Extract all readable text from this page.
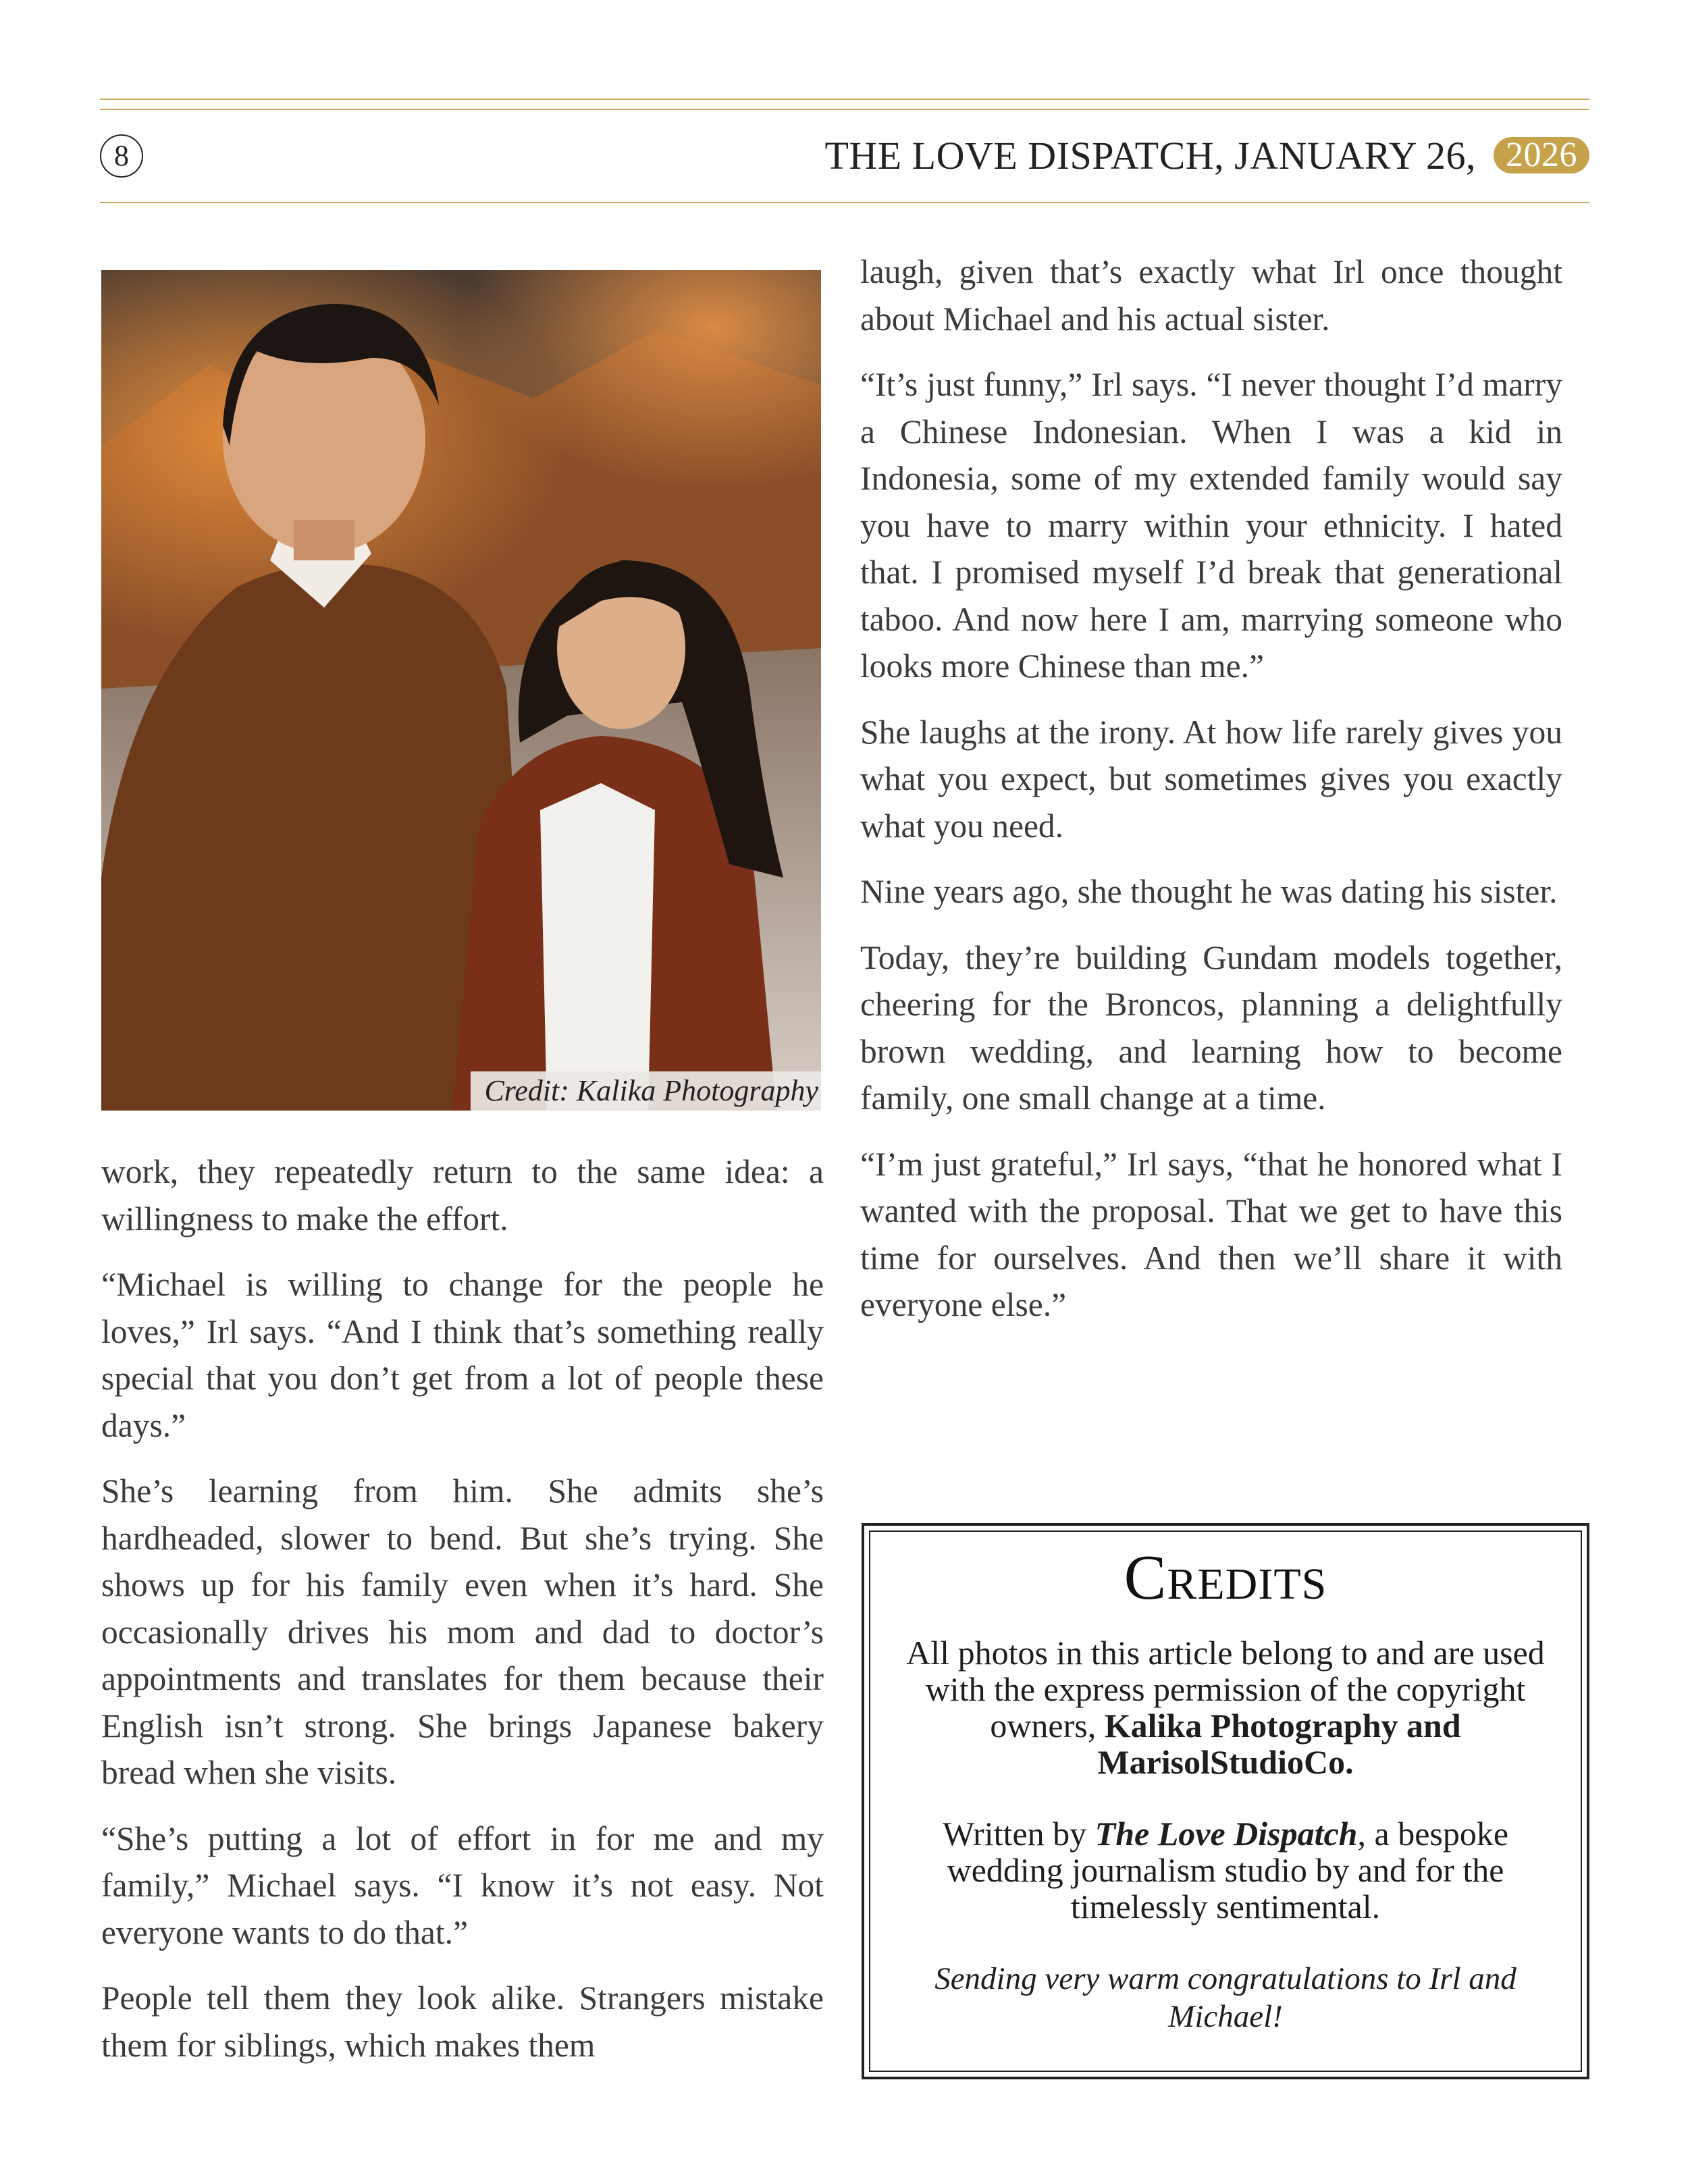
8	THE LOVE DISPATCH, JANUARY 26, 2026
Credit: Kalika Photography

work, they repeatedly return to the same idea: a willingness to make the effort.

“Michael is willing to change for the people he loves,” Irl says. “And I think that’s something really special that you don’t get from a lot of people these days.”

She’s learning from him. She admits she’s hardheaded, slower to bend. But she’s trying. She shows up for his family even when it’s hard. She occasionally drives his mom and dad to doctor’s appointments and translates for them because their English isn’t strong. She brings Japanese bakery bread when she visits.

“She’s putting a lot of effort in for me and my family,” Michael says. “I know it’s not easy. Not everyone wants to do that.”

People tell them they look alike. Strangers mistake them for siblings, which makes them

laugh, given that’s exactly what Irl once thought about Michael and his actual sister.

“It’s just funny,” Irl says. “I never thought I’d marry a Chinese Indonesian. When I was a kid in Indonesia, some of my extended family would say you have to marry within your ethnicity. I hated that. I promised myself I’d break that generational taboo. And now here I am, marrying someone who looks more Chinese than me.”

She laughs at the irony. At how life rarely gives you what you expect, but sometimes gives you exactly what you need.

Nine years ago, she thought he was dating his sister.

Today, they’re building Gundam models together, cheering for the Broncos, planning a delightfully brown wedding, and learning how to become family, one small change at a time.

“I’m just grateful,” Irl says, “that he honored what I wanted with the proposal. That we get to have this time for ourselves. And then we’ll share it with everyone else.”

Credits

All photos in this article belong to and are used with the express permission of the copyright owners, Kalika Photography and MarisolStudioCo.

Written by The Love Dispatch, a bespoke wedding journalism studio by and for the timelessly sentimental.

Sending very warm congratulations to Irl and Michael!
